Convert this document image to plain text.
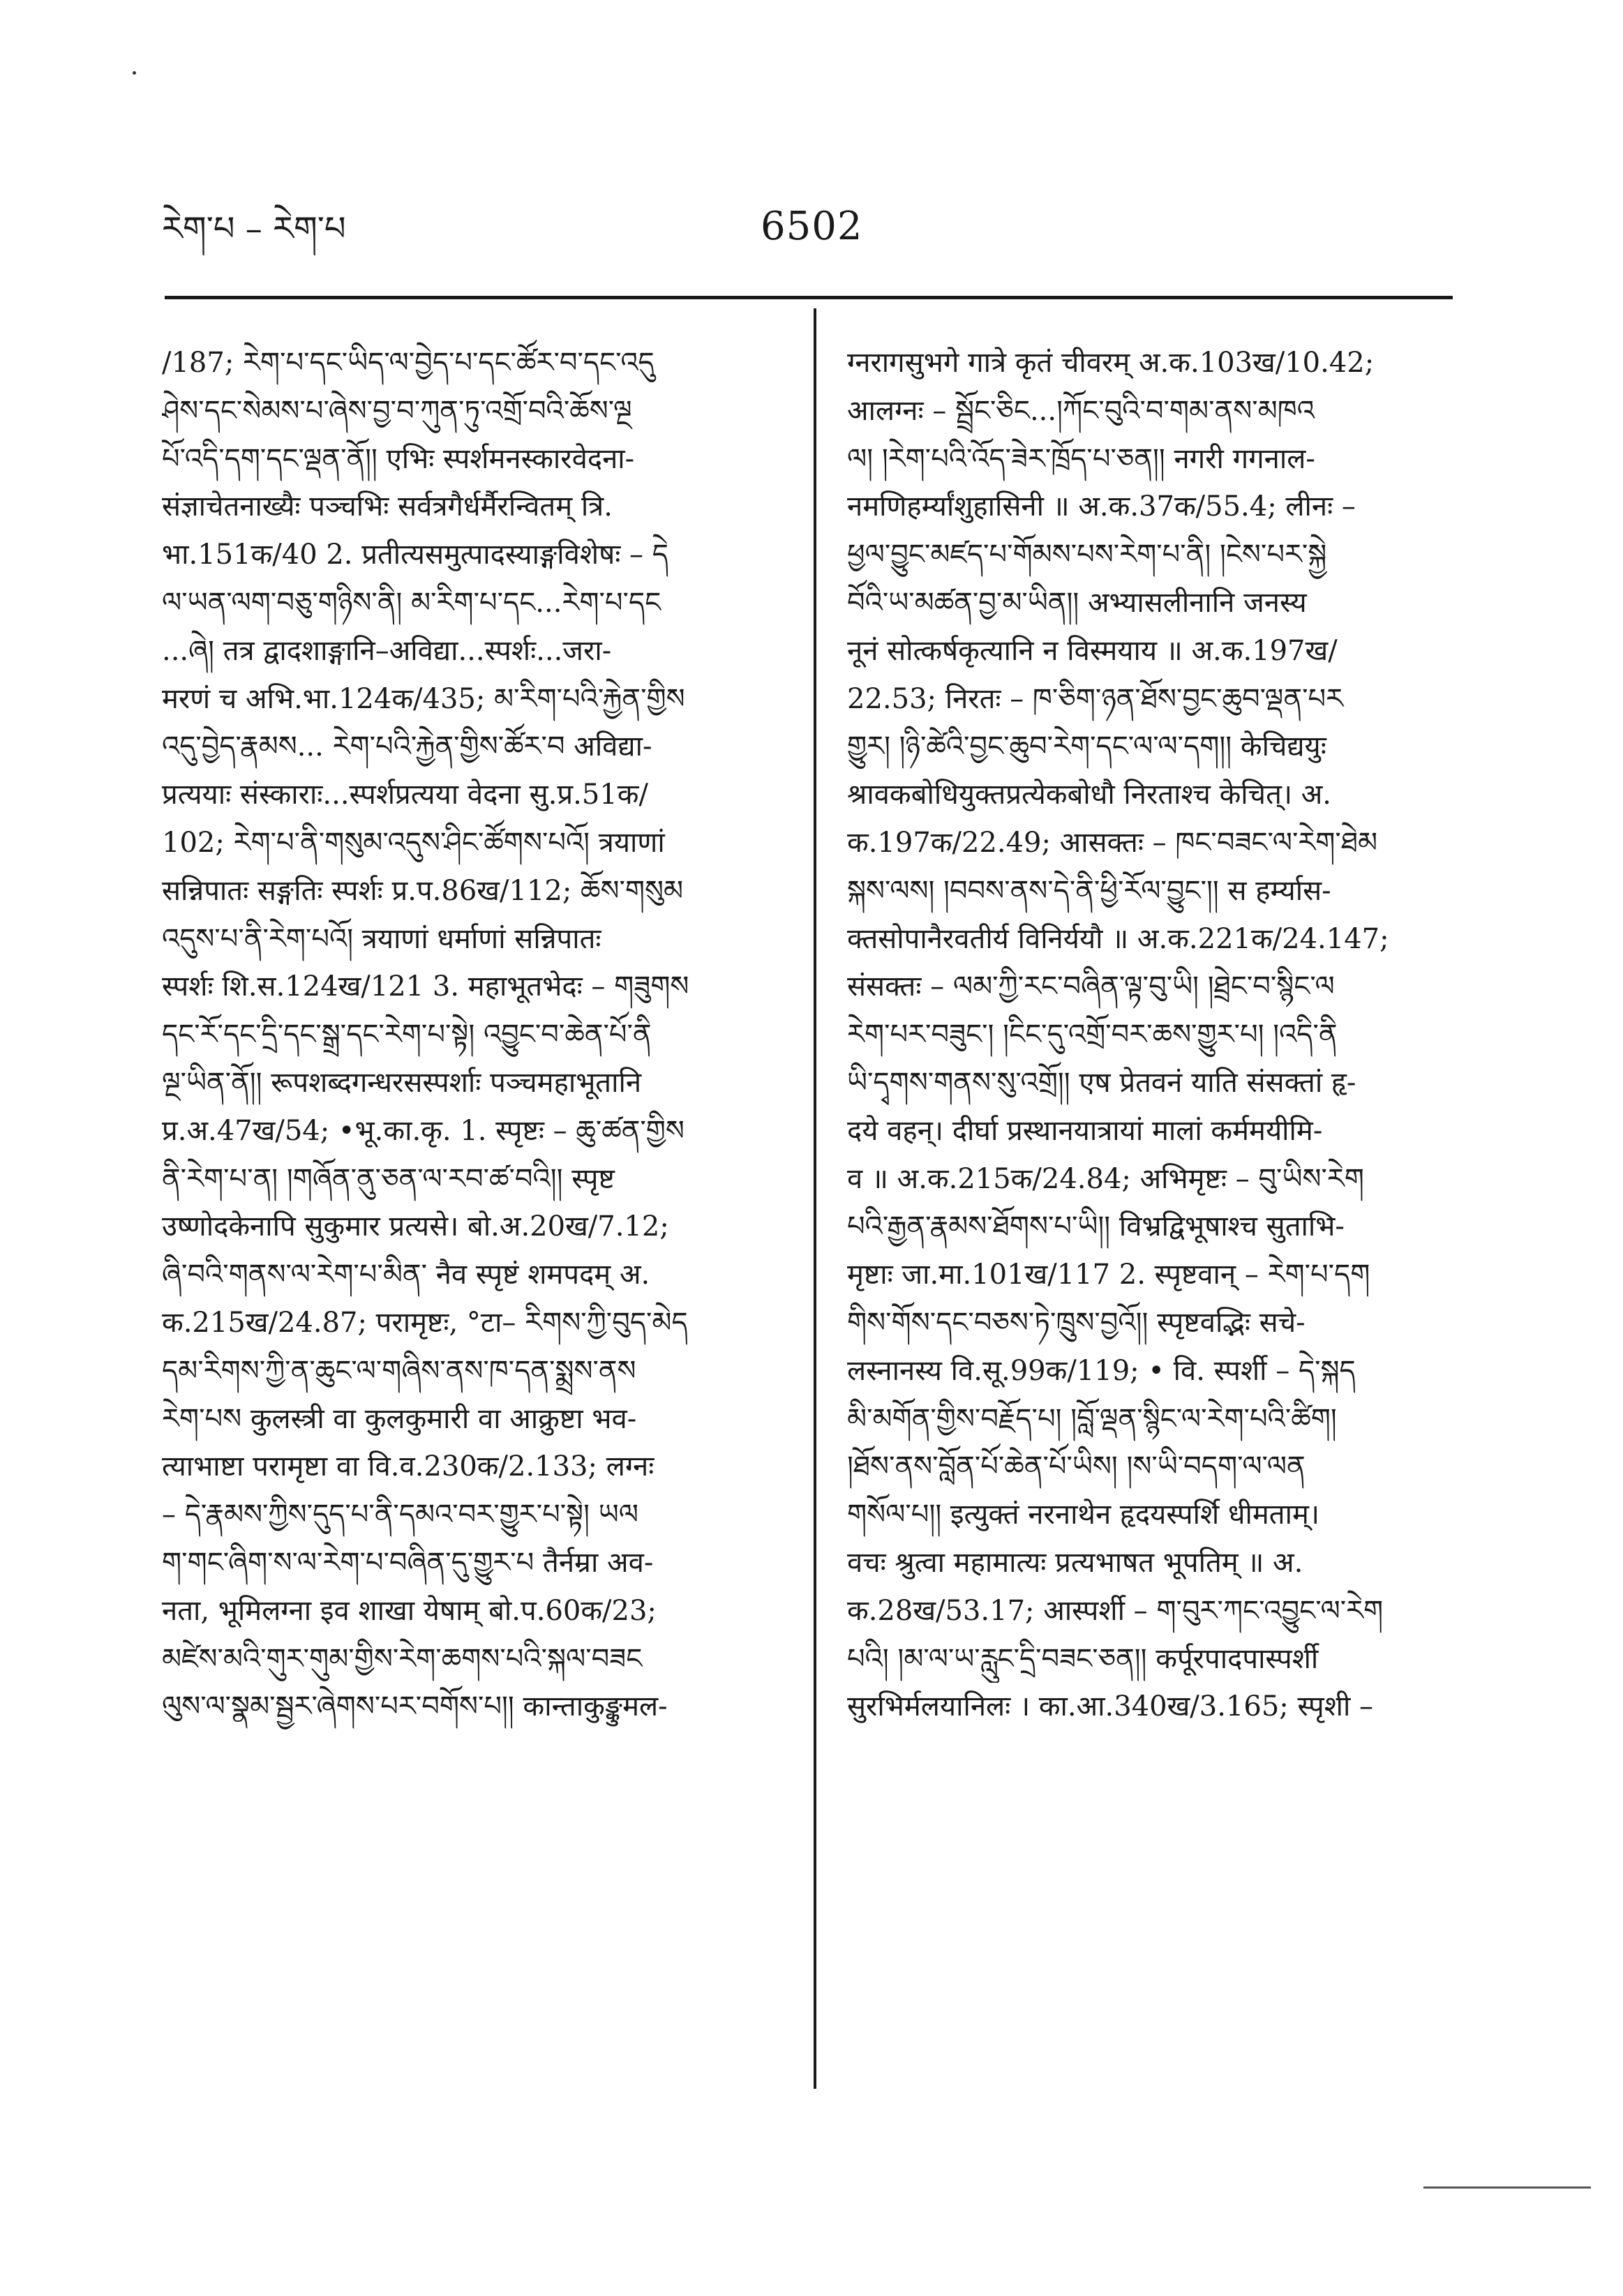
རེག་པ – རེག་པ	6502
/187; རེག་པ་དང་ཡིད་ལ་བྱེད་པ་དང་ཚོར་བ་དང་འདུ
ཤེས་དང་སེམས་པ་ཞེས་བྱ་བ་ཀུན་ཏུ་འགྲོ་བའི་ཆོས་ལྔ
པོ་འདི་དག་དང་ལྡན་ནོ།། एभिः स्पर्शमनस्कारवेदना-
संज्ञाचेतनाख्यैः पञ्चभिः सर्वत्रगैर्धर्मैरन्वितम् त्रि.
भा.151क/40 2. प्रतीत्यसमुत्पादस्याङ्गविशेषः – དེ
ལ་ཡན་ལག་བཅུ་གཉིས་ནི། མ་རིག་པ་དང...རེག་པ་དང
...ཞེ། तत्र द्वादशाङ्गानि–अविद्या...स्पर्शः...जरा-
मरणं च अभि.भा.124क/435; མ་རིག་པའི་རྐྱེན་གྱིས
འདུ་བྱེད་རྣམས... རེག་པའི་རྐྱེན་གྱིས་ཚོར་བ अविद्या-
प्रत्ययाः संस्काराः...स्पर्शप्रत्यया वेदना सु.प्र.51क/
102; རེག་པ་ནི་གསུམ་འདུས་ཤིང་ཚོགས་པའོ། त्रयाणां
सन्निपातः सङ्गतिः स्पर्शः प्र.प.86ख/112; ཆོས་གསུམ
འདུས་པ་ནི་རེག་པའོ། त्रयाणां धर्माणां सन्निपातः
स्पर्शः शि.स.124ख/121 3. महाभूतभेदः – གཟུགས
དང་རོ་དང་དྲི་དང་སྒྲ་དང་རེག་པ་སྟེ། འབྱུང་བ་ཆེན་པོ་ནི
ལྔ་ཡིན་ནོ།། रूपशब्दगन्धरसस्पर्शाः पञ्चमहाभूतानि
प्र.अ.47ख/54; •भू.का.कृ. 1. स्पृष्टः – ཆུ་ཚན་གྱིས
ནི་རེག་པ་ན། །གཞོན་ནུ་ཅན་ལ་རབ་ཚ་བའི།། स्पृष्ट
उष्णोदकेनापि सुकुमार प्रत्यसे। बो.अ.20ख/7.12;
ཞི་བའི་གནས་ལ་རེག་པ་མིན་ नैव स्पृष्टं शमपदम् अ.
क.215ख/24.87; परामृष्टः, °टा– རིགས་ཀྱི་བུད་མེད
དམ་རིགས་ཀྱི་ན་ཆུང་ལ་གཞིས་ནས་ཁ་དན་སྨྲས་ནས
རེག་པས कुलस्त्री वा कुलकुमारी वा आक्रुष्टा भव-
त्याभाष्टा परामृष्टा वा वि.व.230क/2.133; लग्नः
– དེ་རྣམས་ཀྱིས་དུད་པ་ནི་དམའ་བར་གྱུར་པ་སྟེ། ཡལ
ག་གང་ཞིག་ས་ལ་རེག་པ་བཞིན་དུ་གྱུར་པ तैर्नम्रा अव-
नता, भूमिलग्ना इव शाखा येषाम् बो.प.60क/23;
མཛེས་མའི་གུར་གུམ་གྱིས་རེག་ཆགས་པའི་སྐལ་བཟང
ལུས་ལ་སྣམ་སྦྱར་ཞེགས་པར་བགོས་པ།། कान्ताकुङ्कुमल-
ग्नरागसुभगे गात्रे कृतं चीवरम् अ.क.103ख/10.42;
आलग्नः – སྦྲོང་ཅིང...།ཀོང་བུའི་བ་གམ་ནས་མཁའ
ལ། །རེག་པའི་འོད་ཟེར་ཁྲོད་པ་ཅན།། नगरी गगनाल-
नमणिहर्म्यांशुहासिनी ॥ अ.क.37क/55.4; लीनः –
ཕྱལ་བྱུང་མཛད་པ་གོམས་པས་རེག་པ་ནི། །ངེས་པར་སྐྱེ
བོའི་ཡ་མཚན་བྱ་མ་ཡིན།། अभ्यासलीनानि जनस्य
नूनं सोत्कर्षकृत्यानि न विस्मयाय ॥ अ.क.197ख/
22.53; निरतः – ཁ་ཅིག་ཉན་ཐོས་བྱང་ཆུབ་ལྡན་པར
གྱུར། །ཉི་ཚེའི་བྱང་ཆུབ་རེག་དང་ལ་ལ་དག།། केचिद्ययुः
श्रावकबोधियुक्तप्रत्येकबोधौ निरताश्च केचित्। अ.
क.197क/22.49; आसक्तः – ཁང་བཟང་ལ་རེག་ཐེམ
སྐས་ལས། །བབས་ནས་དེ་ནི་ཕྱི་རོལ་བྱུང་།། स हर्म्यास-
क्तसोपानैरवतीर्य विनिर्ययौ ॥ अ.क.221क/24.147;
संसक्तः – ལམ་ཀྱི་རང་བཞིན་ལྟ་བུ་ཡི། །ཐྲེང་བ་སྙིང་ལ
རེག་པར་བཟུང་། །ངིང་དུ་འགྲོ་བར་ཆས་གྱུར་པ། །འདི་ནི
ཡི་དྭགས་གནས་སུ་འགྲོ།། एष प्रेतवनं याति संसक्तां हृ-
दये वहन्। दीर्घा प्रस्थानयात्रायां मालां कर्ममयीमि-
व ॥ अ.क.215क/24.84; अभिमृष्टः – བུ་ཡིས་རེག
པའི་རྒྱན་རྣམས་ཐོགས་པ་ཡི།། विभ्रद्विभूषाश्च सुताभि-
मृष्टाः जा.मा.101ख/117 2. स्पृष्टवान् – རེག་པ་དག
གིས་གོས་དང་བཅས་ཏེ་ཁྲུས་བྱའོ།། स्पृष्टवद्भिः सचे-
लस्नानस्य वि.सू.99क/119; • वि. स्पर्शी – དེ་སྐད
མི་མགོན་གྱིས་བརྗོད་པ། །བློ་ལྡན་སྙིང་ལ་རེག་པའི་ཚིག།
།ཐོས་ནས་བློན་པོ་ཆེན་པོ་ཡིས། །ས་ཡི་བདག་ལ་ལན
གསོལ་པ།། इत्युक्तं नरनाथेन हृदयस्पर्शि धीमताम्।
वचः श्रुत्वा महामात्यः प्रत्यभाषत भूपतिम् ॥ अ.
क.28ख/53.17; आस्पर्शी – ག་བུར་ཀང་འབྱུང་ལ་རེག
པའི། །མ་ལ་ཡ་རླུང་དྲི་བཟང་ཅན།། कर्पूरपादपास्पर्शी
सुरभिर्मलयानिलः । का.आ.340ख/3.165; स्पृशी –
